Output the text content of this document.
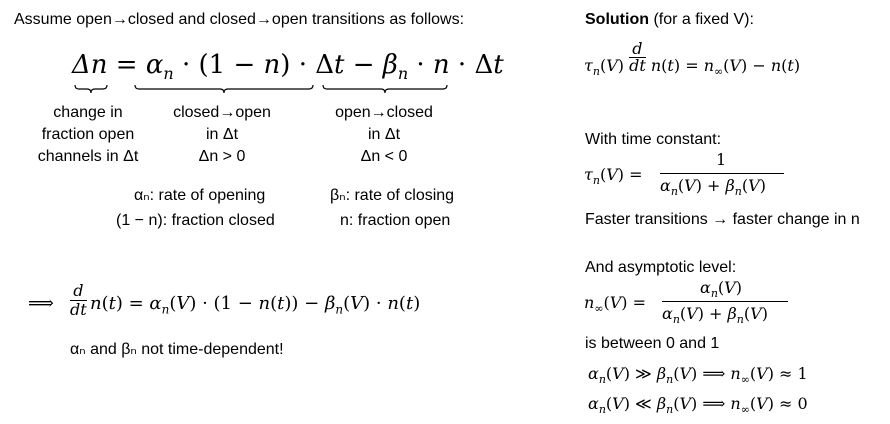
Assume open→closed and closed→open transitions as follows:
$\Delta n = \alpha_n \cdot (1 - n) \cdot \Delta t - \beta_n \cdot n \cdot \Delta t$
change in
fraction open
channels in Δt
closed→open
in Δt
Δn > 0
open→closed
in Δt
Δn < 0
αₙ: rate of opening
(1 − n): fraction closed
βₙ: rate of closing
n: fraction open
⟹ $\frac{d}{dt} n(t) = \alpha_n(V) \cdot (1 - n(t)) - \beta_n(V) \cdot n(t)$
αₙ and βₙ not time-dependent!
Solution (for a fixed V):
$\tau_n(V) \frac{d}{dt} n(t) = n_\infty(V) - n(t)$
With time constant:
$\tau_n(V)$ =
1
$\alpha_n(V) + \beta_n(V)$
Faster transitions → faster change in n
And asymptotic level:
$n_\infty(V)$ =
$\alpha_n(V)$
$\alpha_n(V) + \beta_n(V)$
is between 0 and 1
$\alpha_n(V)$ ≫ $\beta_n(V)$ ⟹ $n_\infty(V) \approx 1$
$\alpha_n(V)$ ≪ $\beta_n(V)$ ⟹ $n_\infty(V) \approx 0$
